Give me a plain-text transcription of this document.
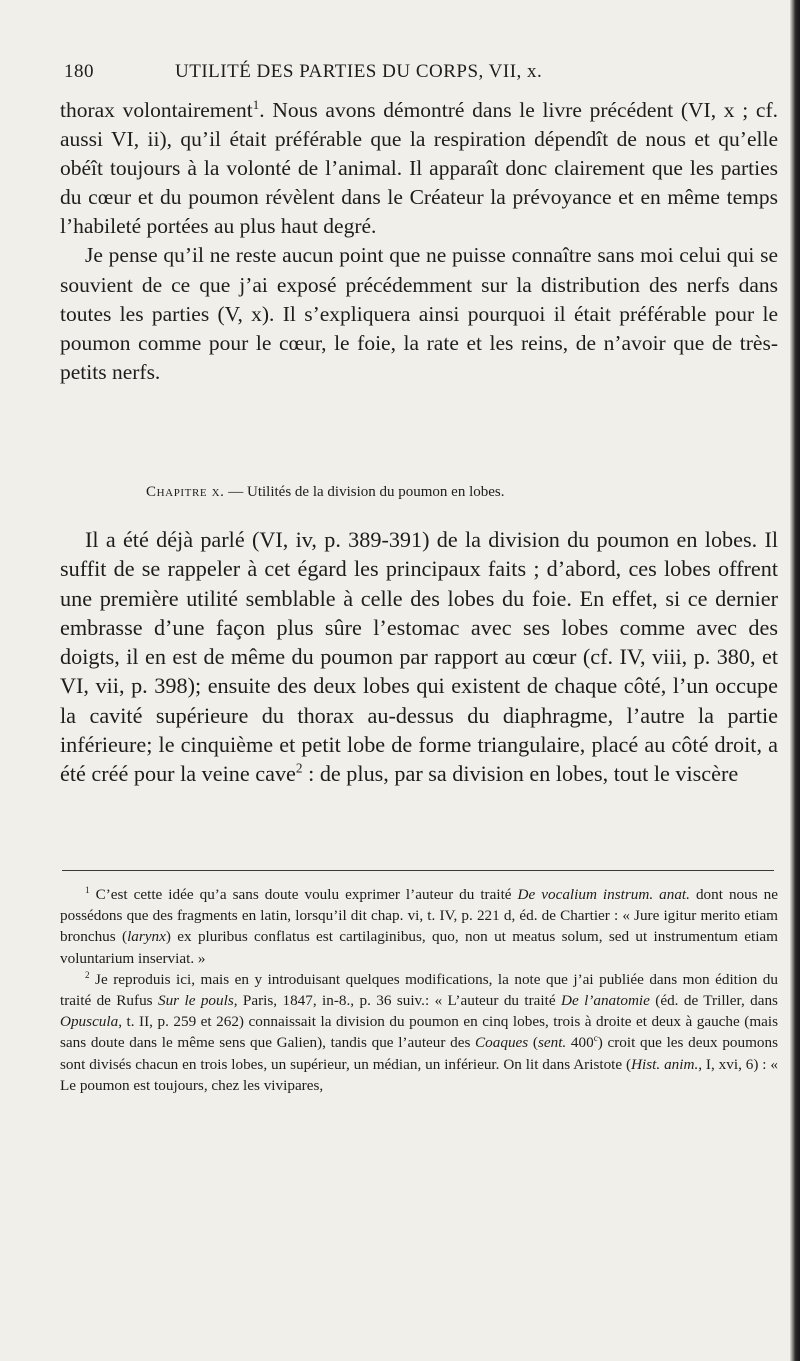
180	UTILITÉ DES PARTIES DU CORPS, VII, x.

thorax volontairement$^1$. Nous avons démontré dans le livre précédent (VI, x ; cf. aussi VI, ii), qu’il était préférable que la respiration dépendît de nous et qu’elle obéît toujours à la volonté de l’animal. Il apparaît donc clairement que les parties du cœur et du poumon révèlent dans le Créateur la prévoyance et en même temps l’habileté portées au plus haut degré.

Je pense qu’il ne reste aucun point que ne puisse connaître sans moi celui qui se souvient de ce que j’ai exposé précédemment sur la distribution des nerfs dans toutes les parties (V, x). Il s’expliquera ainsi pourquoi il était préférable pour le poumon comme pour le cœur, le foie, la rate et les reins, de n’avoir que de très-petits nerfs.

Chapitre x. — Utilités de la division du poumon en lobes.

Il a été déjà parlé (VI, iv, p. 389-391) de la division du poumon en lobes. Il suffit de se rappeler à cet égard les principaux faits ; d’abord, ces lobes offrent une première utilité semblable à celle des lobes du foie. En effet, si ce dernier embrasse d’une façon plus sûre l’estomac avec ses lobes comme avec des doigts, il en est de même du poumon par rapport au cœur (cf. IV, viii, p. 380, et VI, vii, p. 398); ensuite des deux lobes qui existent de chaque côté, l’un occupe la cavité supérieure du thorax au-dessus du diaphragme, l’autre la partie inférieure; le cinquième et petit lobe de forme triangulaire, placé au côté droit, a été créé pour la veine cave$^2$ : de plus, par sa division en lobes, tout le viscère

$^1$ C’est cette idée qu’a sans doute voulu exprimer l’auteur du traité De vocalium instrum. anat. dont nous ne possédons que des fragments en latin, lorsqu’il dit chap. vi, t. IV, p. 221 d, éd. de Chartier : « Jure igitur merito etiam bronchus (larynx) ex pluribus conflatus est cartilaginibus, quo, non ut meatus solum, sed ut instrumentum etiam voluntarium inserviat. »

$^2$ Je reproduis ici, mais en y introduisant quelques modifications, la note que j’ai publiée dans mon édition du traité de Rufus Sur le pouls, Paris, 1847, in-8., p. 36 suiv.: « L’auteur du traité De l’anatomie (éd. de Triller, dans Opuscula, t. II, p. 259 et 262) connaissait la division du poumon en cinq lobes, trois à droite et deux à gauche (mais sans doute dans le même sens que Galien), tandis que l’auteur des Coaques (sent. 400$^c$) croit que les deux poumons sont divisés chacun en trois lobes, un supérieur, un médian, un inférieur. On lit dans Aristote (Hist. anim., I, xvi, 6) : « Le poumon est toujours, chez les vivipares,
